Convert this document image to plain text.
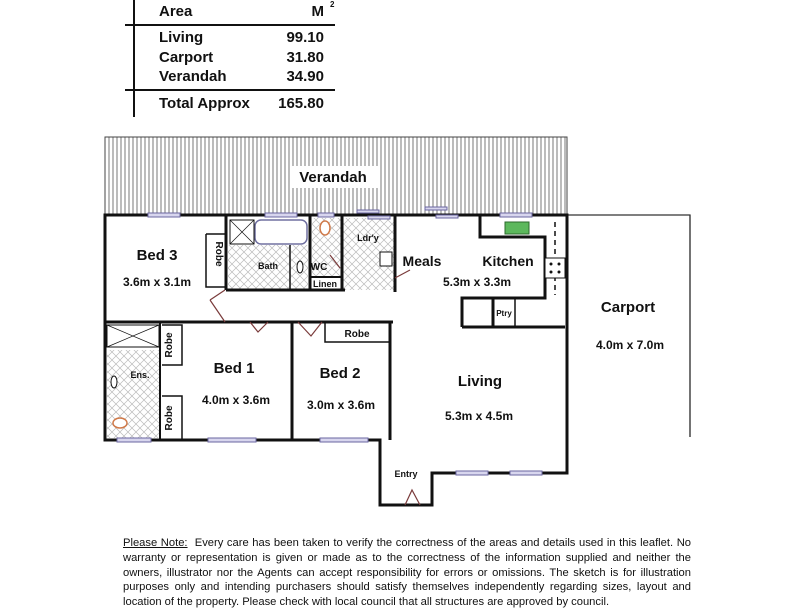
Area	M 2
Living	99.10
Carport	31.80
Verandah	34.90
Total Approx 165.80
Verandah
Carport
4.0m x 7.0m
Bed 3
3.6m x 3.1m
Robe	Bath	WC
Linen
Ldr'y
Meals	Kitchen
5.3m x 3.3m
Ptry
Ens.
Robe
Robe
Bed 1
4.0m x 3.6m
Bed 2
3.0m x 3.6m
Robe
Living
5.3m x 4.5m
Entry
Please Note: Every care has been taken to verify the correctness of the areas and details used in this leaflet. No warranty or representation is given or made as to the correctness of the information supplied and neither the owners, illustrator nor the Agents can accept responsibility for errors or omissions. The sketch is for illustration purposes only and intending purchasers should satisfy themselves independently regarding sizes, layout and location of the property. Please check with local council that all structures are approved by council.
